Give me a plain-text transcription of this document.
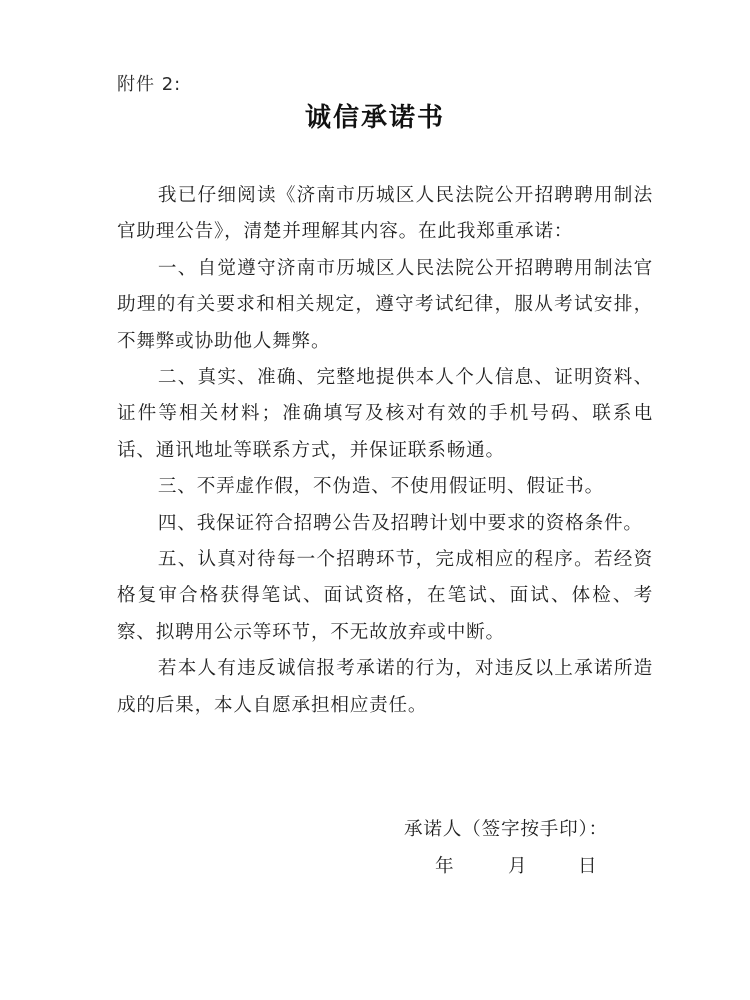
附件 2:
诚信承诺书

我已仔细阅读《济南市历城区人民法院公开招聘聘用制法官助理公告》，清楚并理解其内容。在此我郑重承诺：

一、自觉遵守济南市历城区人民法院公开招聘聘用制法官助理的有关要求和相关规定，遵守考试纪律，服从考试安排，不舞弊或协助他人舞弊。

二、真实、准确、完整地提供本人个人信息、证明资料、证件等相关材料；准确填写及核对有效的手机号码、联系电话、通讯地址等联系方式，并保证联系畅通。

三、不弄虚作假，不伪造、不使用假证明、假证书。

四、我保证符合招聘公告及招聘计划中要求的资格条件。

五、认真对待每一个招聘环节，完成相应的程序。若经资格复审合格获得笔试、面试资格，在笔试、面试、体检、考察、拟聘用公示等环节，不无故放弃或中断。

若本人有违反诚信报考承诺的行为，对违反以上承诺所造成的后果，本人自愿承担相应责任。

承诺人（签字按手印）：
年	月	日
